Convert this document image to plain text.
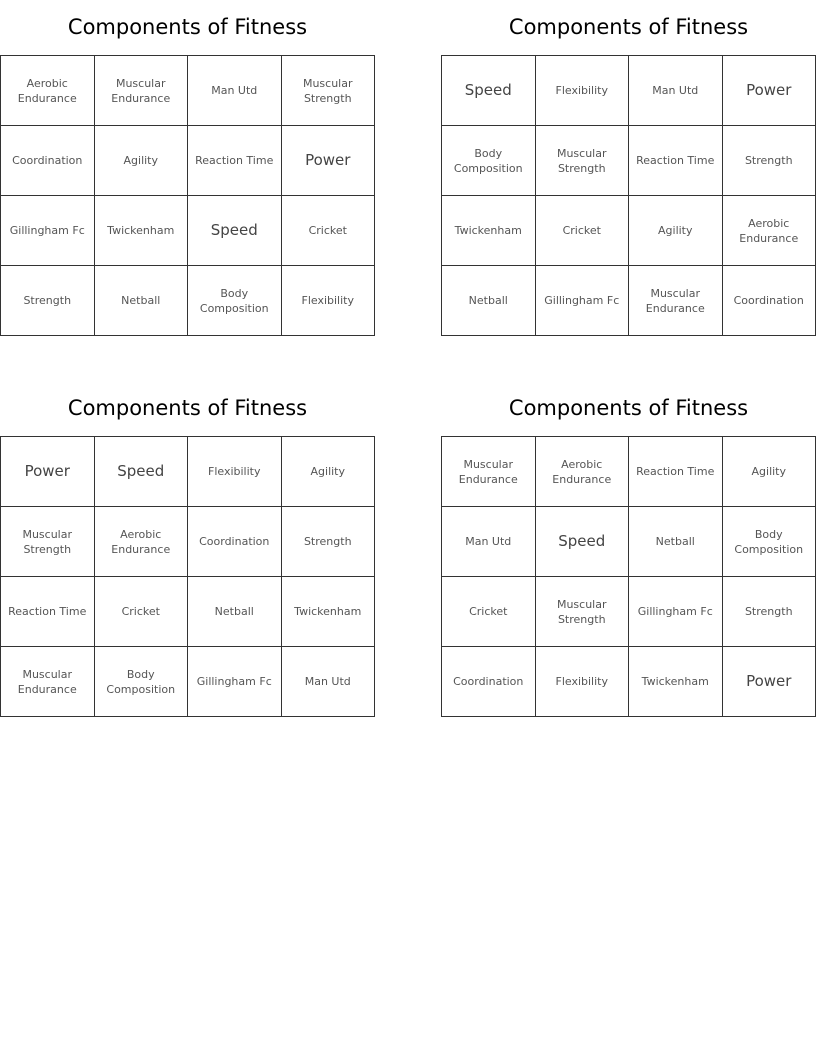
Components of Fitness
Aerobic Endurance	Muscular Endurance	Man Utd	Muscular Strength
Coordination	Agility	Reaction Time	Power
Gillingham Fc	Twickenham	Speed	Cricket
Strength	Netball	Body Composition	Flexibility
Components of Fitness
Speed	Flexibility	Man Utd	Power
Body Composition	Muscular Strength	Reaction Time	Strength
Twickenham	Cricket	Agility	Aerobic Endurance
Netball	Gillingham Fc	Muscular Endurance	Coordination
Components of Fitness
Power	Speed	Flexibility	Agility
Muscular Strength	Aerobic Endurance	Coordination	Strength
Reaction Time	Cricket	Netball	Twickenham
Muscular Endurance	Body Composition	Gillingham Fc	Man Utd
Components of Fitness
Muscular Endurance	Aerobic Endurance	Reaction Time	Agility
Man Utd	Speed	Netball	Body Composition
Cricket	Muscular Strength	Gillingham Fc	Strength
Coordination	Flexibility	Twickenham	Power
